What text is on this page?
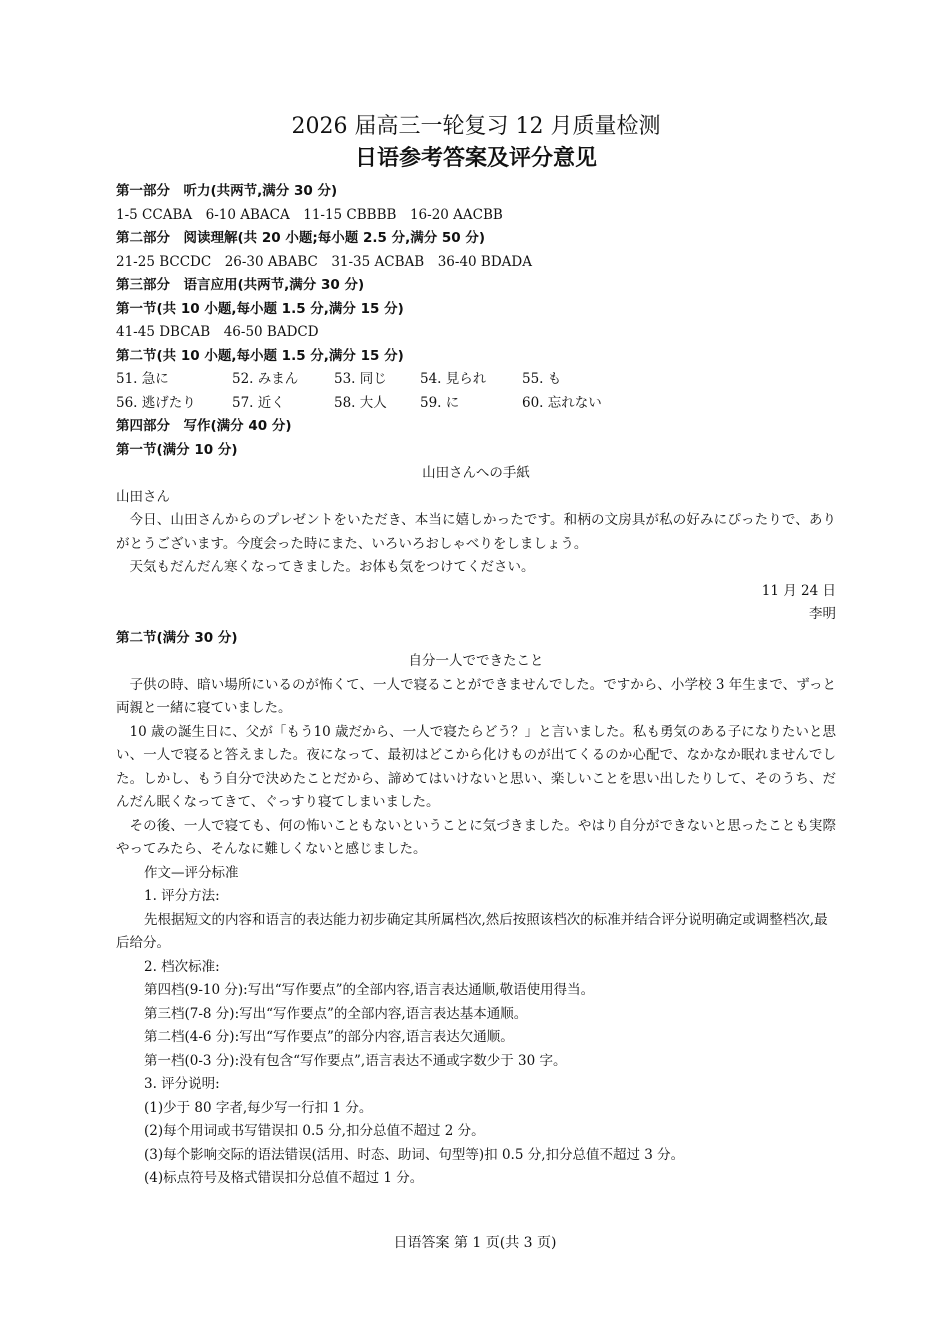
2026 届高三一轮复习 12 月质量检测
日语参考答案及评分意见

第一部分　听力(共两节,满分 30 分)

1-5 CCABA　6-10 ABACA　11-15 CBBBB　16-20 AACBB

第二部分　阅读理解(共 20 小题;每小题 2.5 分,满分 50 分)

21-25 BCCDC　26-30 ABABC　31-35 ACBAB　36-40 BDADA

第三部分　语言应用(共两节,满分 30 分)

第一节(共 10 小题,每小题 1.5 分,满分 15 分)

41-45 DBCAB　46-50 BADCD

第二节(共 10 小题,每小题 1.5 分,满分 15 分)

51. 急に	52. みまん	53. 同じ	54. 見られ	55. も
56. 逃げたり	57. 近く	58. 大人	59. に	60. 忘れない

第四部分　写作(满分 40 分)

第一节(满分 10 分)

山田さんへの手紙

山田さん

今日、山田さんからのプレゼントをいただき、本当に嬉しかったです。和柄の文房具が私の好みにぴったりで、ありがとうございます。今度会った時にまた、いろいろおしゃべりをしましょう。

天気もだんだん寒くなってきました。お体も気をつけてください。

11 月 24 日

李明

第二节(满分 30 分)

自分一人でできたこと

子供の時、暗い場所にいるのが怖くて、一人で寝ることができませんでした。ですから、小学校 3 年生まで、ずっと両親と一緒に寝ていました。

10 歳の誕生日に、父が「もう10 歳だから、一人で寝たらどう？」と言いました。私も勇気のある子になりたいと思い、一人で寝ると答えました。夜になって、最初はどこから化けものが出てくるのか心配で、なかなか眠れませんでした。しかし、もう自分で決めたことだから、諦めてはいけないと思い、楽しいことを思い出したりして、そのうち、だんだん眠くなってきて、ぐっすり寝てしまいました。

その後、一人で寝ても、何の怖いこともないということに気づきました。やはり自分ができないと思ったことも実際やってみたら、そんなに難しくないと感じました。

作文—评分标准

1. 评分方法:

先根据短文的内容和语言的表达能力初步确定其所属档次,然后按照该档次的标准并结合评分说明确定或调整档次,最后给分。

2. 档次标准:

第四档(9-10 分):写出“写作要点”的全部内容,语言表达通顺,敬语使用得当。

第三档(7-8 分):写出“写作要点”的全部内容,语言表达基本通顺。

第二档(4-6 分):写出“写作要点”的部分内容,语言表达欠通顺。

第一档(0-3 分):没有包含“写作要点”,语言表达不通或字数少于 30 字。

3. 评分说明:

(1)少于 80 字者,每少写一行扣 1 分。

(2)每个用词或书写错误扣 0.5 分,扣分总值不超过 2 分。

(3)每个影响交际的语法错误(活用、时态、助词、句型等)扣 0.5 分,扣分总值不超过 3 分。

(4)标点符号及格式错误扣分总值不超过 1 分。

日语答案 第 1 页(共 3 页)
